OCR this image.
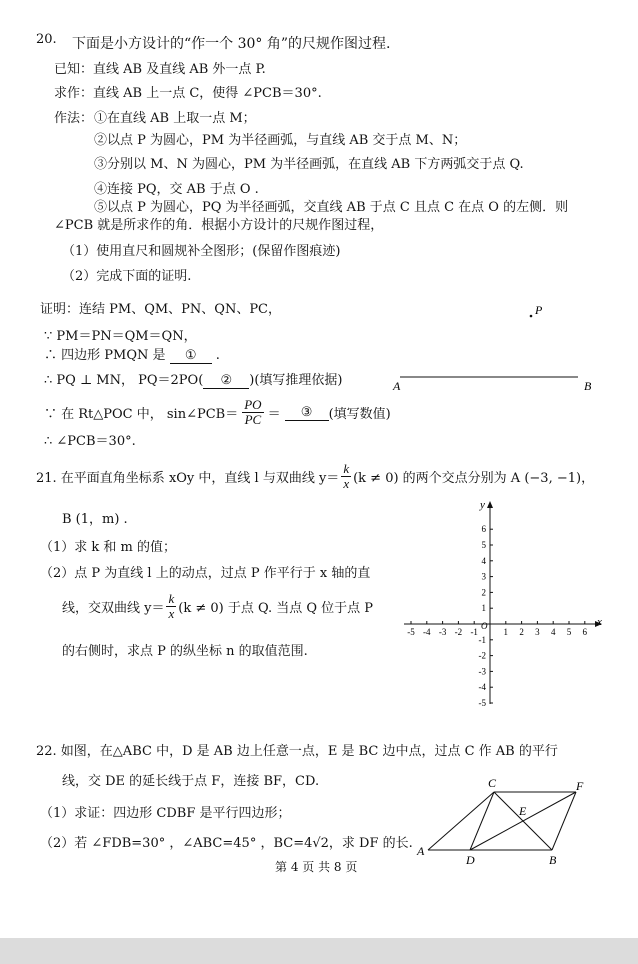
20. 下面是小方设计的“作一个 30° 角”的尺规作图过程.
已知：直线 AB 及直线 AB 外一点 P.
求作：直线 AB 上一点 C，使得 ∠PCB＝30°.
作法： ①在直线 AB 上取一点 M；
②以点 P 为圆心，PM 为半径画弧，与直线 AB 交于点 M、N；
③分别以 M、N 为圆心，PM 为半径画弧，在直线 AB 下方两弧交于点 Q.
④连接 PQ，交 AB 于点 O .
⑤以点 P 为圆心，PQ 为半径画弧，交直线 AB 于点 C 且点 C 在点 O 的左侧．则
∠PCB 就是所求作的角．根据小方设计的尺规作图过程，
（1）使用直尺和圆规补全图形；(保留作图痕迹)
（2）完成下面的证明.
证明：连结 PM、QM、PN、QN、PC，
∵ PM＝PN＝QM＝QN，
∴ 四边形 PMQN 是 ① .
∴ PQ ⊥ MN， PQ＝2PO( ② )(填写推理依据)
∵ 在 Rt△POC 中， sin∠PCB＝ $\frac{PO}{PC}$ ＝	③	(填写数值)
∴ ∠PCB＝30°.
P
A	B
21. 在平面直角坐标系 xOy 中，直线 l 与双曲线 $y= \frac{k}{x} (k \ne 0)$ 的两个交点分别为 A (−3, −1)，
B (1，m) .
（1）求 k 和 m 的值；
（2）点 P 为直线 l 上的动点，过点 P 作平行于 x 轴的直
线，交双曲线 $y= \frac{k}{x} (k \ne 0)$ 于点 Q. 当点 Q 位于点 P
的右侧时，求点 P 的纵坐标 n 的取值范围.
x
y
O
-5 -4 -3 -2 -1	1 2 3 4 5 6
6
5
4
3
2
1
-1
-2
-3
-4
-5
22. 如图，在△ABC 中，D 是 AB 边上任意一点，E 是 BC 边中点，过点 C 作 AB 的平行
线，交 DE 的延长线于点 F，连接 BF，CD.
（1）求证：四边形 CDBF 是平行四边形；
（2）若 ∠FDB=30° ，∠ABC=45° ，BC=4√2，求 DF 的长. A
B
C
D
E
F
第 4 页 共 8 页
